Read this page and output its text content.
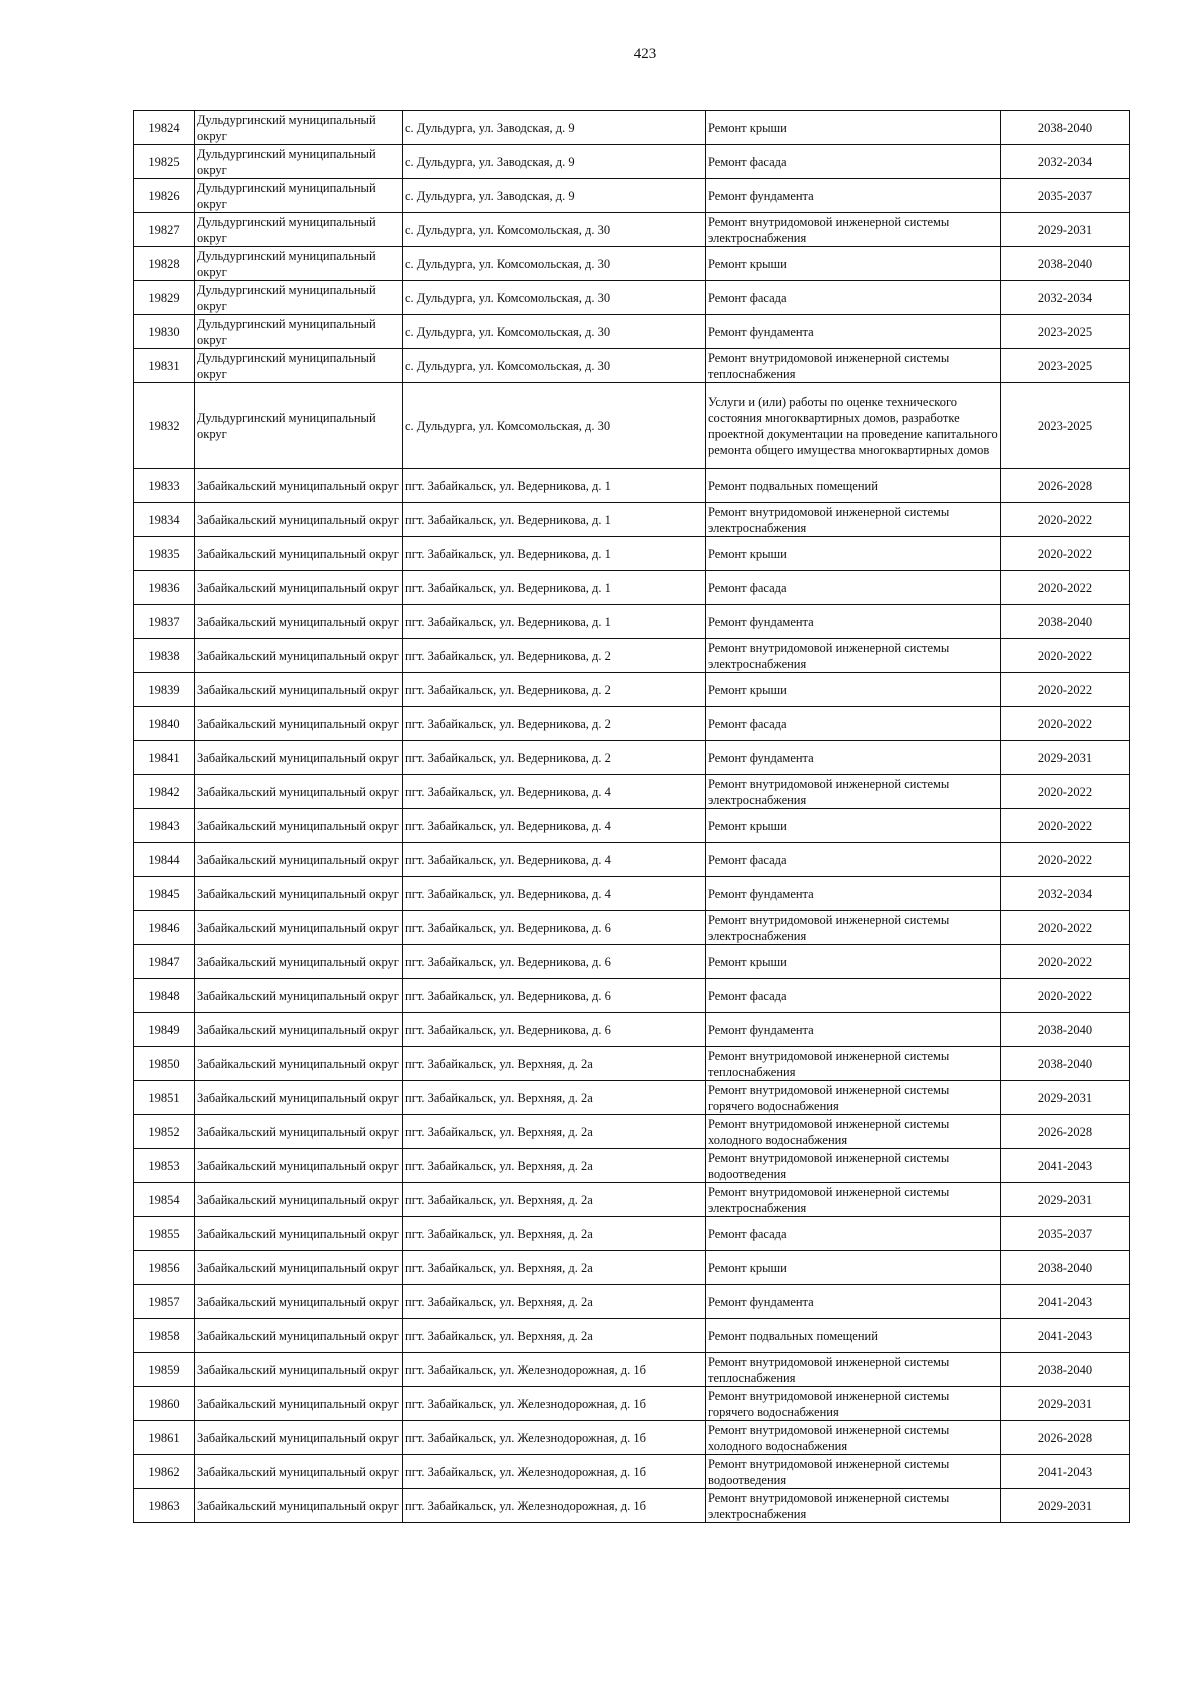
423
19824	Дульдургинский муниципальный округ	с. Дульдурга, ул. Заводская, д. 9	Ремонт крыши	2038-2040
19825	Дульдургинский муниципальный округ	с. Дульдурга, ул. Заводская, д. 9	Ремонт фасада	2032-2034
19826	Дульдургинский муниципальный округ	с. Дульдурга, ул. Заводская, д. 9	Ремонт фундамента	2035-2037
19827	Дульдургинский муниципальный округ	с. Дульдурга, ул. Комсомольская, д. 30	Ремонт внутридомовой инженерной системы электроснабжения	2029-2031
19828	Дульдургинский муниципальный округ	с. Дульдурга, ул. Комсомольская, д. 30	Ремонт крыши	2038-2040
19829	Дульдургинский муниципальный округ	с. Дульдурга, ул. Комсомольская, д. 30	Ремонт фасада	2032-2034
19830	Дульдургинский муниципальный округ	с. Дульдурга, ул. Комсомольская, д. 30	Ремонт фундамента	2023-2025
19831	Дульдургинский муниципальный округ	с. Дульдурга, ул. Комсомольская, д. 30	Ремонт внутридомовой инженерной системы теплоснабжения	2023-2025
19832	Дульдургинский муниципальный округ	с. Дульдурга, ул. Комсомольская, д. 30	Услуги и (или) работы по оценке технического состояния многоквартирных домов, разработке проектной документации на проведение капитального ремонта общего имущества многоквартирных домов	2023-2025
19833	Забайкальский муниципальный округ	пгт. Забайкальск, ул. Ведерникова, д. 1	Ремонт подвальных помещений	2026-2028
19834	Забайкальский муниципальный округ	пгт. Забайкальск, ул. Ведерникова, д. 1	Ремонт внутридомовой инженерной системы электроснабжения	2020-2022
19835	Забайкальский муниципальный округ	пгт. Забайкальск, ул. Ведерникова, д. 1	Ремонт крыши	2020-2022
19836	Забайкальский муниципальный округ	пгт. Забайкальск, ул. Ведерникова, д. 1	Ремонт фасада	2020-2022
19837	Забайкальский муниципальный округ	пгт. Забайкальск, ул. Ведерникова, д. 1	Ремонт фундамента	2038-2040
19838	Забайкальский муниципальный округ	пгт. Забайкальск, ул. Ведерникова, д. 2	Ремонт внутридомовой инженерной системы электроснабжения	2020-2022
19839	Забайкальский муниципальный округ	пгт. Забайкальск, ул. Ведерникова, д. 2	Ремонт крыши	2020-2022
19840	Забайкальский муниципальный округ	пгт. Забайкальск, ул. Ведерникова, д. 2	Ремонт фасада	2020-2022
19841	Забайкальский муниципальный округ	пгт. Забайкальск, ул. Ведерникова, д. 2	Ремонт фундамента	2029-2031
19842	Забайкальский муниципальный округ	пгт. Забайкальск, ул. Ведерникова, д. 4	Ремонт внутридомовой инженерной системы электроснабжения	2020-2022
19843	Забайкальский муниципальный округ	пгт. Забайкальск, ул. Ведерникова, д. 4	Ремонт крыши	2020-2022
19844	Забайкальский муниципальный округ	пгт. Забайкальск, ул. Ведерникова, д. 4	Ремонт фасада	2020-2022
19845	Забайкальский муниципальный округ	пгт. Забайкальск, ул. Ведерникова, д. 4	Ремонт фундамента	2032-2034
19846	Забайкальский муниципальный округ	пгт. Забайкальск, ул. Ведерникова, д. 6	Ремонт внутридомовой инженерной системы электроснабжения	2020-2022
19847	Забайкальский муниципальный округ	пгт. Забайкальск, ул. Ведерникова, д. 6	Ремонт крыши	2020-2022
19848	Забайкальский муниципальный округ	пгт. Забайкальск, ул. Ведерникова, д. 6	Ремонт фасада	2020-2022
19849	Забайкальский муниципальный округ	пгт. Забайкальск, ул. Ведерникова, д. 6	Ремонт фундамента	2038-2040
19850	Забайкальский муниципальный округ	пгт. Забайкальск, ул. Верхняя, д. 2а	Ремонт внутридомовой инженерной системы теплоснабжения	2038-2040
19851	Забайкальский муниципальный округ	пгт. Забайкальск, ул. Верхняя, д. 2а	Ремонт внутридомовой инженерной системы горячего водоснабжения	2029-2031
19852	Забайкальский муниципальный округ	пгт. Забайкальск, ул. Верхняя, д. 2а	Ремонт внутридомовой инженерной системы холодного водоснабжения	2026-2028
19853	Забайкальский муниципальный округ	пгт. Забайкальск, ул. Верхняя, д. 2а	Ремонт внутридомовой инженерной системы водоотведения	2041-2043
19854	Забайкальский муниципальный округ	пгт. Забайкальск, ул. Верхняя, д. 2а	Ремонт внутридомовой инженерной системы электроснабжения	2029-2031
19855	Забайкальский муниципальный округ	пгт. Забайкальск, ул. Верхняя, д. 2а	Ремонт фасада	2035-2037
19856	Забайкальский муниципальный округ	пгт. Забайкальск, ул. Верхняя, д. 2а	Ремонт крыши	2038-2040
19857	Забайкальский муниципальный округ	пгт. Забайкальск, ул. Верхняя, д. 2а	Ремонт фундамента	2041-2043
19858	Забайкальский муниципальный округ	пгт. Забайкальск, ул. Верхняя, д. 2а	Ремонт подвальных помещений	2041-2043
19859	Забайкальский муниципальный округ	пгт. Забайкальск, ул. Железнодорожная, д. 1б	Ремонт внутридомовой инженерной системы теплоснабжения	2038-2040
19860	Забайкальский муниципальный округ	пгт. Забайкальск, ул. Железнодорожная, д. 1б	Ремонт внутридомовой инженерной системы горячего водоснабжения	2029-2031
19861	Забайкальский муниципальный округ	пгт. Забайкальск, ул. Железнодорожная, д. 1б	Ремонт внутридомовой инженерной системы холодного водоснабжения	2026-2028
19862	Забайкальский муниципальный округ	пгт. Забайкальск, ул. Железнодорожная, д. 1б	Ремонт внутридомовой инженерной системы водоотведения	2041-2043
19863	Забайкальский муниципальный округ	пгт. Забайкальск, ул. Железнодорожная, д. 1б	Ремонт внутридомовой инженерной системы электроснабжения	2029-2031
